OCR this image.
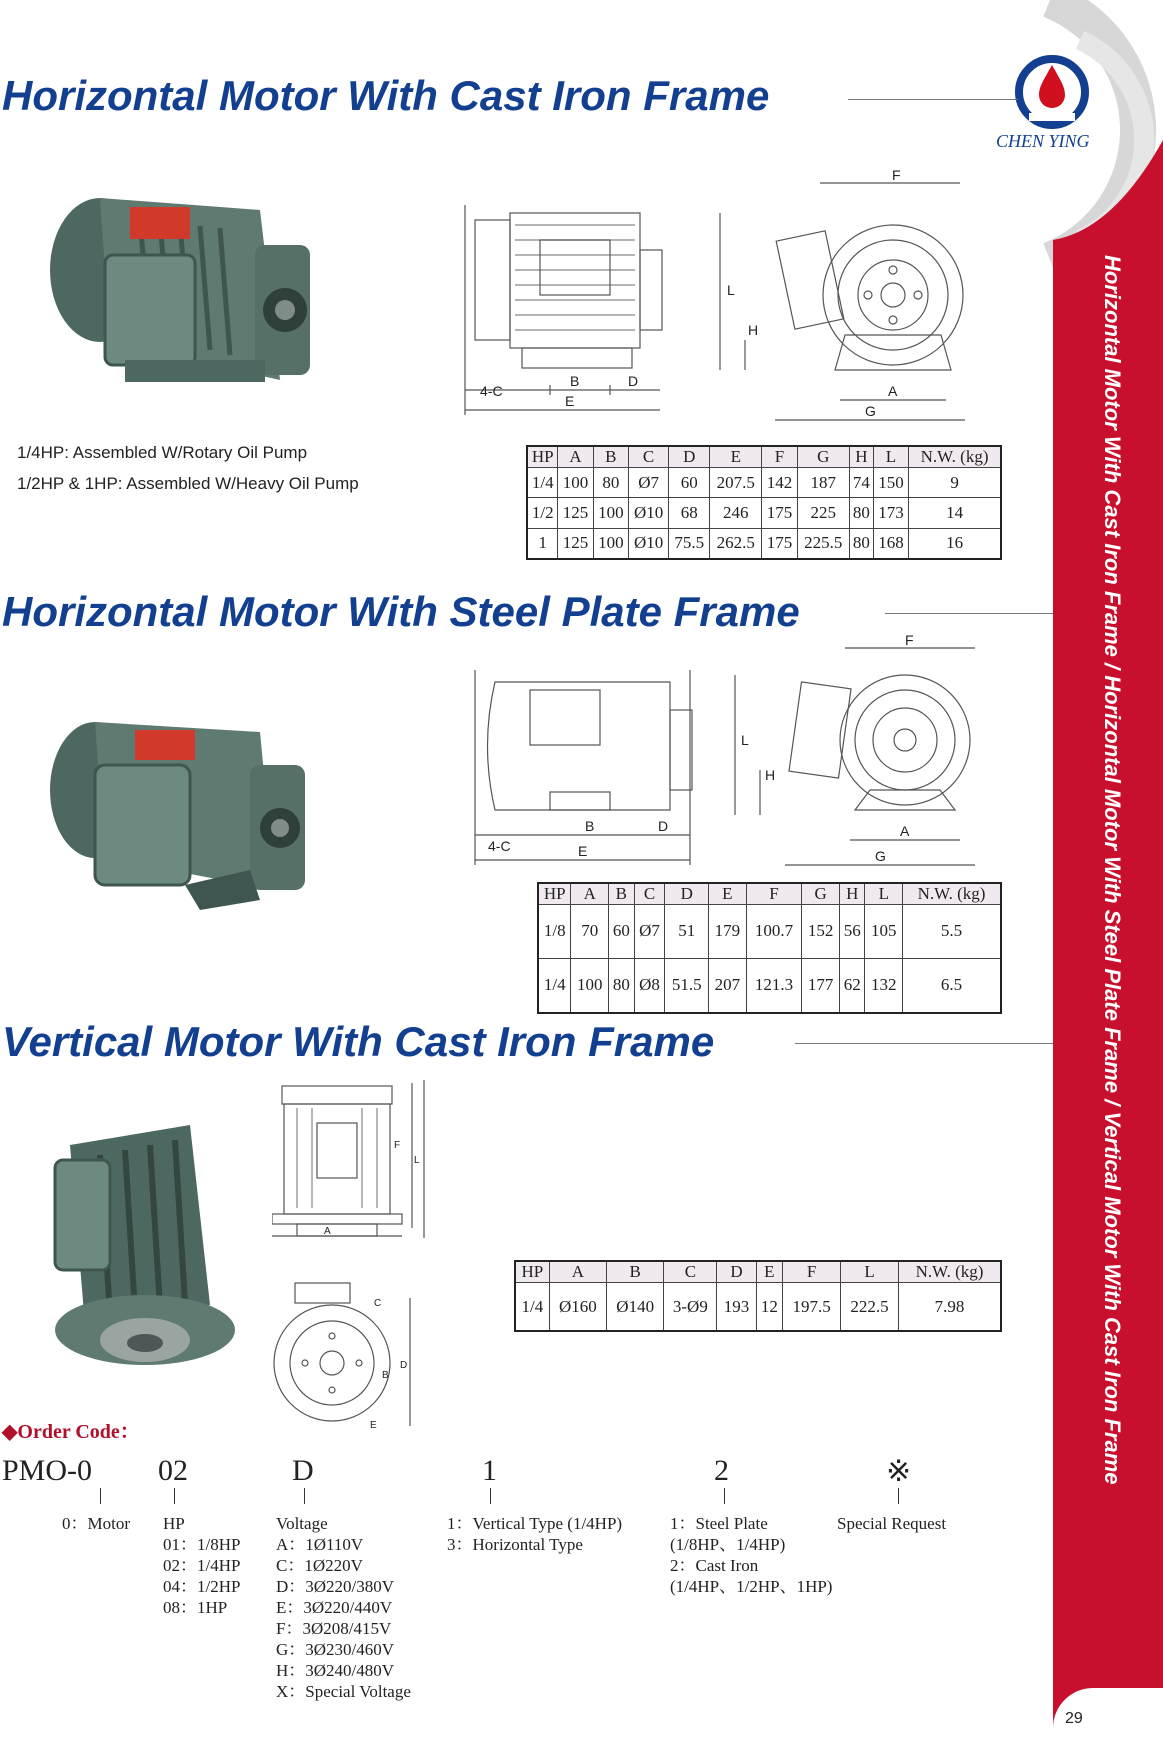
Horizontal Motor With Cast Iron Frame / Horizontal Motor With Steel Plate Frame / Vertical Motor With Cast Iron Frame
29
CHEN YING
Horizontal Motor With Cast Iron Frame
1/4HP: Assembled W/Rotary Oil Pump
1/2HP & 1HP: Assembled W/Heavy Oil Pump
B	D
E
4-C
F
L
H
A
G
HP	A	B	C	D	E	F	G	H	L	N.W. (kg)
1/4	100	80	Ø7	60	207.5	142	187	74	150	9
1/2	125	100	Ø10	68	246	175	225	80	173	14
1	125	100	Ø10	75.5	262.5	175	225.5	80	168	16
Horizontal Motor With Steel Plate Frame
B	D
E
4-C
F
L
H
A
G
HP	A	B	C	D	E	F	G	H	L	N.W. (kg)
1/8	70	60	Ø7	51	179	100.7	152	56	105	5.5
1/4	100	80	Ø8	51.5	207	121.3	177	62	132	6.5
Vertical Motor With Cast Iron Frame
F
L
A
C
D
B
E
HP	A	B	C	D	E	F	L	N.W. (kg)
1/4	Ø160	Ø140	3-Ø9	193	12	197.5	222.5	7.98
◆Order Code：
PMO-0 02	D	1	2	※
0：Motor HP
01：1/8HP
02：1/4HP
04：1/2HP
08：1HP
Voltage
A：1Ø110V
C：1Ø220V
D：3Ø220/380V
E：3Ø220/440V
F：3Ø208/415V
G：3Ø230/460V
H：3Ø240/480V
X：Special Voltage
1：Vertical Type (1/4HP)
3：Horizontal Type
1：Steel Plate
(1/8HP、1/4HP)
2：Cast Iron
(1/4HP、1/2HP、1HP)
Special Request
